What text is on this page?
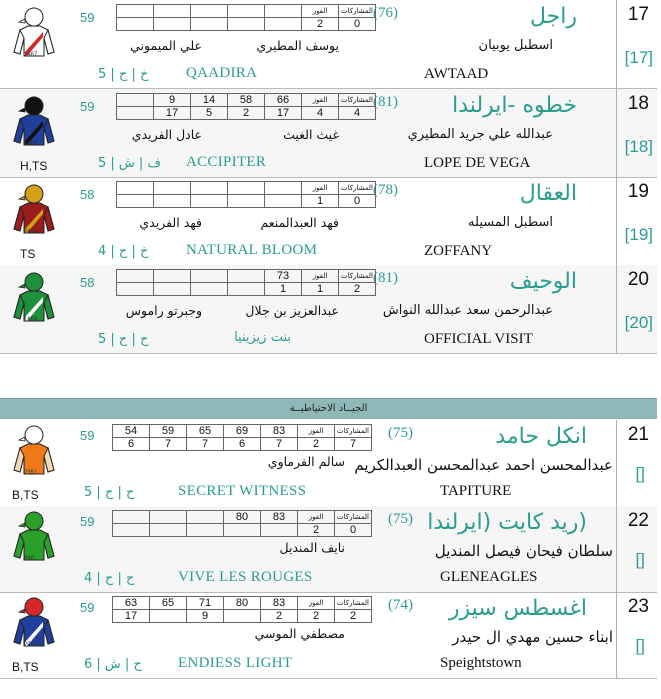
17
[17]
راجل
(76)
اسطبل يوبيان
AWTAAD
QAADIRA
59
خ | ح | 5
يوسف المطيري
علي الميموني
2467
					الفوز	المشاركات
					2	0
18
[18]
خطوه -ايرلندا
(81)
عبدالله علي جريد المطيري
LOPE DE VEGA
ACCIPITER
59
ف | ش | 5
غيث الغيث
عادل الفريدي
H,TS
1698
	9	14	58	66	الفوز	المشاركات
	17	5	2	17	4	4
19
[19]
العقال
(78)
اسطبل المسيله
ZOFFANY
NATURAL BLOOM
58
خ | ح | 4
فهد العبدالمنعم
فهد الفريدي
TS
2456
					الفوز	المشاركات
					1	0
20
[20]
الوحيف
(81)
عبدالرحمن سعد عبدالله النواش
OFFICIAL VISIT
بنت زيزينيا
58
ح | ح | 5
عبدالعزيز بن جلال
وجبرتو راموس
1659
				73	الفوز	المشاركات
				1	1	2
الجيــاد الاحتياطيــة
21
[]
انكل حامد
(75)
عبدالمحسن احمد عبدالمحسن العبدالكريم
TAPITURE
SECRET WITNESS
59
ح | ح | 5
سالم الفرماوي
B,TS
2351
54	59	65	69	83	الفوز	المشاركات
6	7	7	6	7	2	7
22
[]
(ريد كايت (ايرلندا
(75)
سلطان فيحان فيصل المنديل
GLENEAGLES
VIVE LES ROUGES
59
ح | ح | 4
نايف المنديل
896
			80	83	الفوز	المشاركات
					2	0
23
[]
اغسطس سيزر
(74)
ابناء حسين مهدي ال حيدر
Speightstown
ENDIESS LIGHT
59
ح | ش | 6
مصطفي الموسي
B,TS
2016
63	65	71	80	83	الفوز	المشاركات
17		9		2	2	2
